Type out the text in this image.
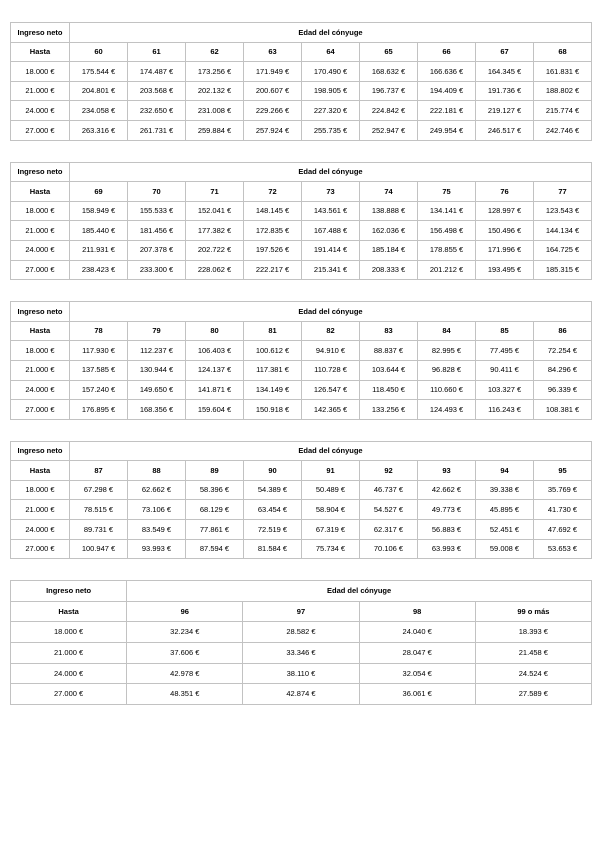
Ingreso neto	Edad del cónyuge								
Hasta	60	61	62	63	64	65	66	67	68
18.000 €	175.544 €	174.487 €	173.256 €	171.949 €	170.490 €	168.632 €	166.636 €	164.345 €	161.831 €
21.000 €	204.801 €	203.568 €	202.132 €	200.607 €	198.905 €	196.737 €	194.409 €	191.736 €	188.802 €
24.000 €	234.058 €	232.650 €	231.008 €	229.266 €	227.320 €	224.842 €	222.181 €	219.127 €	215.774 €
27.000 €	263.316 €	261.731 €	259.884 €	257.924 €	255.735 €	252.947 €	249.954 €	246.517 €	242.746 €
Ingreso neto	Edad del cónyuge								
Hasta	69	70	71	72	73	74	75	76	77
18.000 €	158.949 €	155.533 €	152.041 €	148.145 €	143.561 €	138.888 €	134.141 €	128.997 €	123.543 €
21.000 €	185.440 €	181.456 €	177.382 €	172.835 €	167.488 €	162.036 €	156.498 €	150.496 €	144.134 €
24.000 €	211.931 €	207.378 €	202.722 €	197.526 €	191.414 €	185.184 €	178.855 €	171.996 €	164.725 €
27.000 €	238.423 €	233.300 €	228.062 €	222.217 €	215.341 €	208.333 €	201.212 €	193.495 €	185.315 €
Ingreso neto	Edad del cónyuge								
Hasta	78	79	80	81	82	83	84	85	86
18.000 €	117.930 €	112.237 €	106.403 €	100.612 €	94.910 €	88.837 €	82.995 €	77.495 €	72.254 €
21.000 €	137.585 €	130.944 €	124.137 €	117.381 €	110.728 €	103.644 €	96.828 €	90.411 €	84.296 €
24.000 €	157.240 €	149.650 €	141.871 €	134.149 €	126.547 €	118.450 €	110.660 €	103.327 €	96.339 €
27.000 €	176.895 €	168.356 €	159.604 €	150.918 €	142.365 €	133.256 €	124.493 €	116.243 €	108.381 €
Ingreso neto	Edad del cónyuge								
Hasta	87	88	89	90	91	92	93	94	95
18.000 €	67.298 €	62.662 €	58.396 €	54.389 €	50.489 €	46.737 €	42.662 €	39.338 €	35.769 €
21.000 €	78.515 €	73.106 €	68.129 €	63.454 €	58.904 €	54.527 €	49.773 €	45.895 €	41.730 €
24.000 €	89.731 €	83.549 €	77.861 €	72.519 €	67.319 €	62.317 €	56.883 €	52.451 €	47.692 €
27.000 €	100.947 €	93.993 €	87.594 €	81.584 €	75.734 €	70.106 €	63.993 €	59.008 €	53.653 €
Ingreso neto	Edad del cónyuge			
Hasta	96	97	98	99 o más
18.000 €	32.234 €	28.582 €	24.040 €	18.393 €
21.000 €	37.606 €	33.346 €	28.047 €	21.458 €
24.000 €	42.978 €	38.110 €	32.054 €	24.524 €
27.000 €	48.351 €	42.874 €	36.061 €	27.589 €
